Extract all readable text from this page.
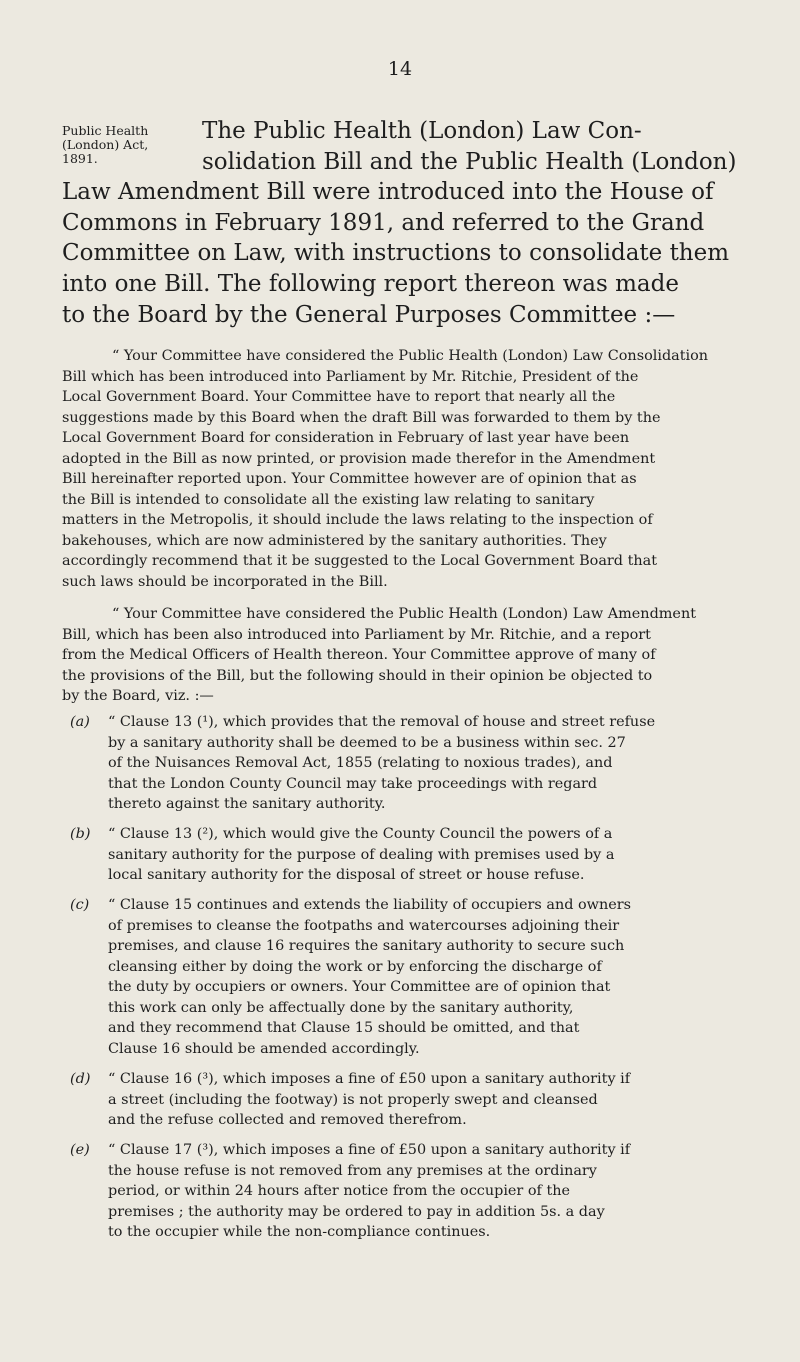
14
Public Health
(London) Act,
1891.
The Public Health (London) Law Con-
solidation Bill and the Public Health (London)
Law Amendment Bill were introduced into the House of
Commons in February 1891, and referred to the Grand
Committee on Law, with instructions to consolidate them
into one Bill. The following report thereon was made
to the Board by the General Purposes Committee :—
“ Your Committee have considered the Public Health (London) Law Consolidation
Bill which has been introduced into Parliament by Mr. Ritchie, President of the
Local Government Board. Your Committee have to report that nearly all the
suggestions made by this Board when the draft Bill was forwarded to them by the
Local Government Board for consideration in February of last year have been
adopted in the Bill as now printed, or provision made therefor in the Amendment
Bill hereinafter reported upon. Your Committee however are of opinion that as
the Bill is intended to consolidate all the existing law relating to sanitary
matters in the Metropolis, it should include the laws relating to the inspection of
bakehouses, which are now administered by the sanitary authorities. They
accordingly recommend that it be suggested to the Local Government Board that
such laws should be incorporated in the Bill.
“ Your Committee have considered the Public Health (London) Law Amendment
Bill, which has been also introduced into Parliament by Mr. Ritchie, and a report
from the Medical Officers of Health thereon. Your Committee approve of many of
the provisions of the Bill, but the following should in their opinion be objected to
by the Board, viz. :—
(a)	“ Clause 13 (¹), which provides that the removal of house and street refuse
by a sanitary authority shall be deemed to be a business within sec. 27
of the Nuisances Removal Act, 1855 (relating to noxious trades), and
that the London County Council may take proceedings with regard
thereto against the sanitary authority.
(b)	“ Clause 13 (²), which would give the County Council the powers of a
sanitary authority for the purpose of dealing with premises used by a
local sanitary authority for the disposal of street or house refuse.
(c)	“ Clause 15 continues and extends the liability of occupiers and owners
of premises to cleanse the footpaths and watercourses adjoining their
premises, and clause 16 requires the sanitary authority to secure such
cleansing either by doing the work or by enforcing the discharge of
the duty by occupiers or owners. Your Committee are of opinion that
this work can only be affectually done by the sanitary authority,
and they recommend that Clause 15 should be omitted, and that
Clause 16 should be amended accordingly.
(d)	“ Clause 16 (³), which imposes a fine of £50 upon a sanitary authority if
a street (including the footway) is not properly swept and cleansed
and the refuse collected and removed therefrom.
(e)	“ Clause 17 (³), which imposes a fine of £50 upon a sanitary authority if
the house refuse is not removed from any premises at the ordinary
period, or within 24 hours after notice from the occupier of the
premises ; the authority may be ordered to pay in addition 5s. a day
to the occupier while the non-compliance continues.
